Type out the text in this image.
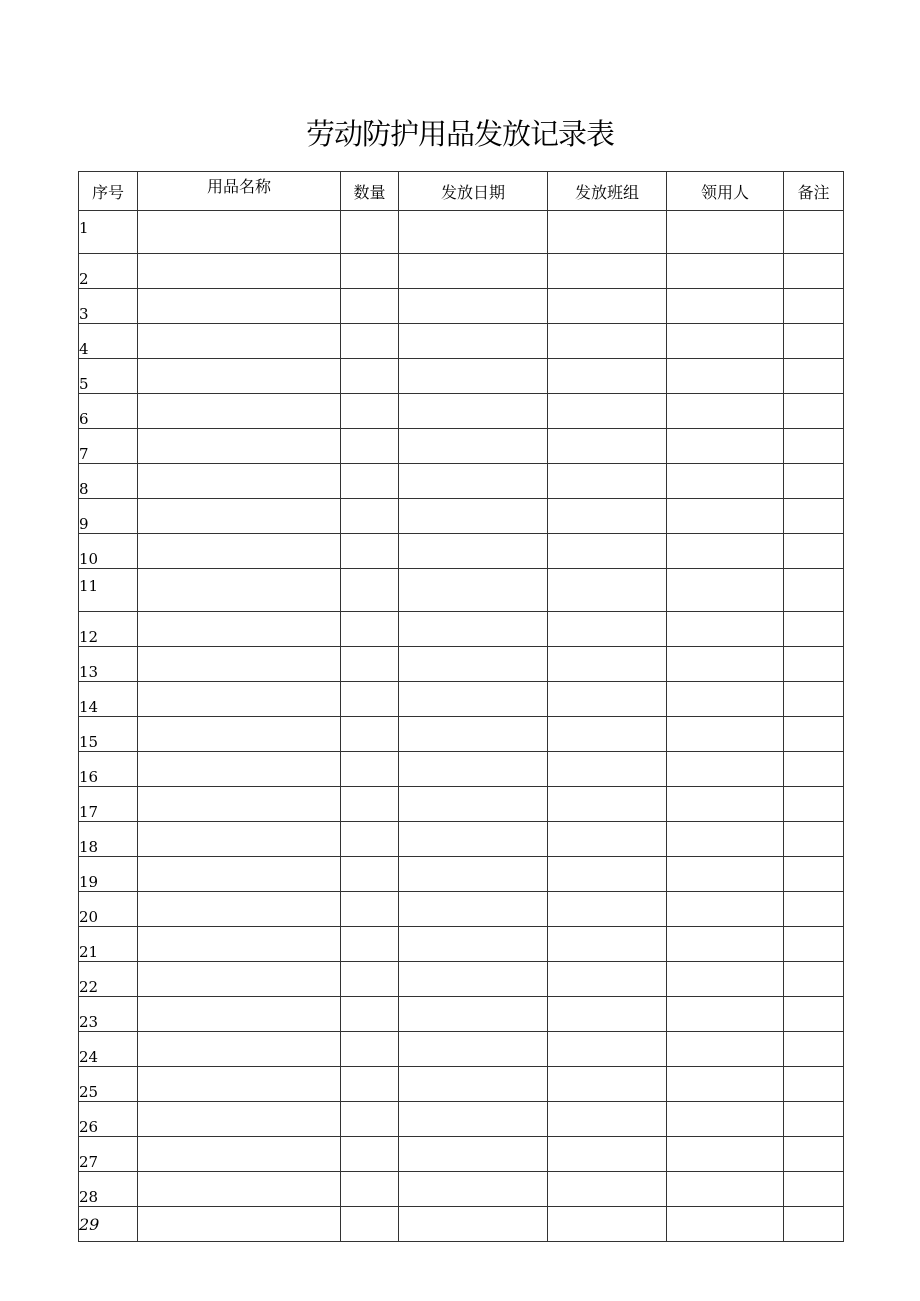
劳动防护用品发放记录表
序号	用品名称	数量	发放日期	发放班组	领用人	备注
1						
2						
3						
4						
5						
6						
7						
8						
9						
10						
11						
12						
13						
14						
15						
16						
17						
18						
19						
20						
21						
22						
23						
24						
25						
26						
27						
28						
29						
